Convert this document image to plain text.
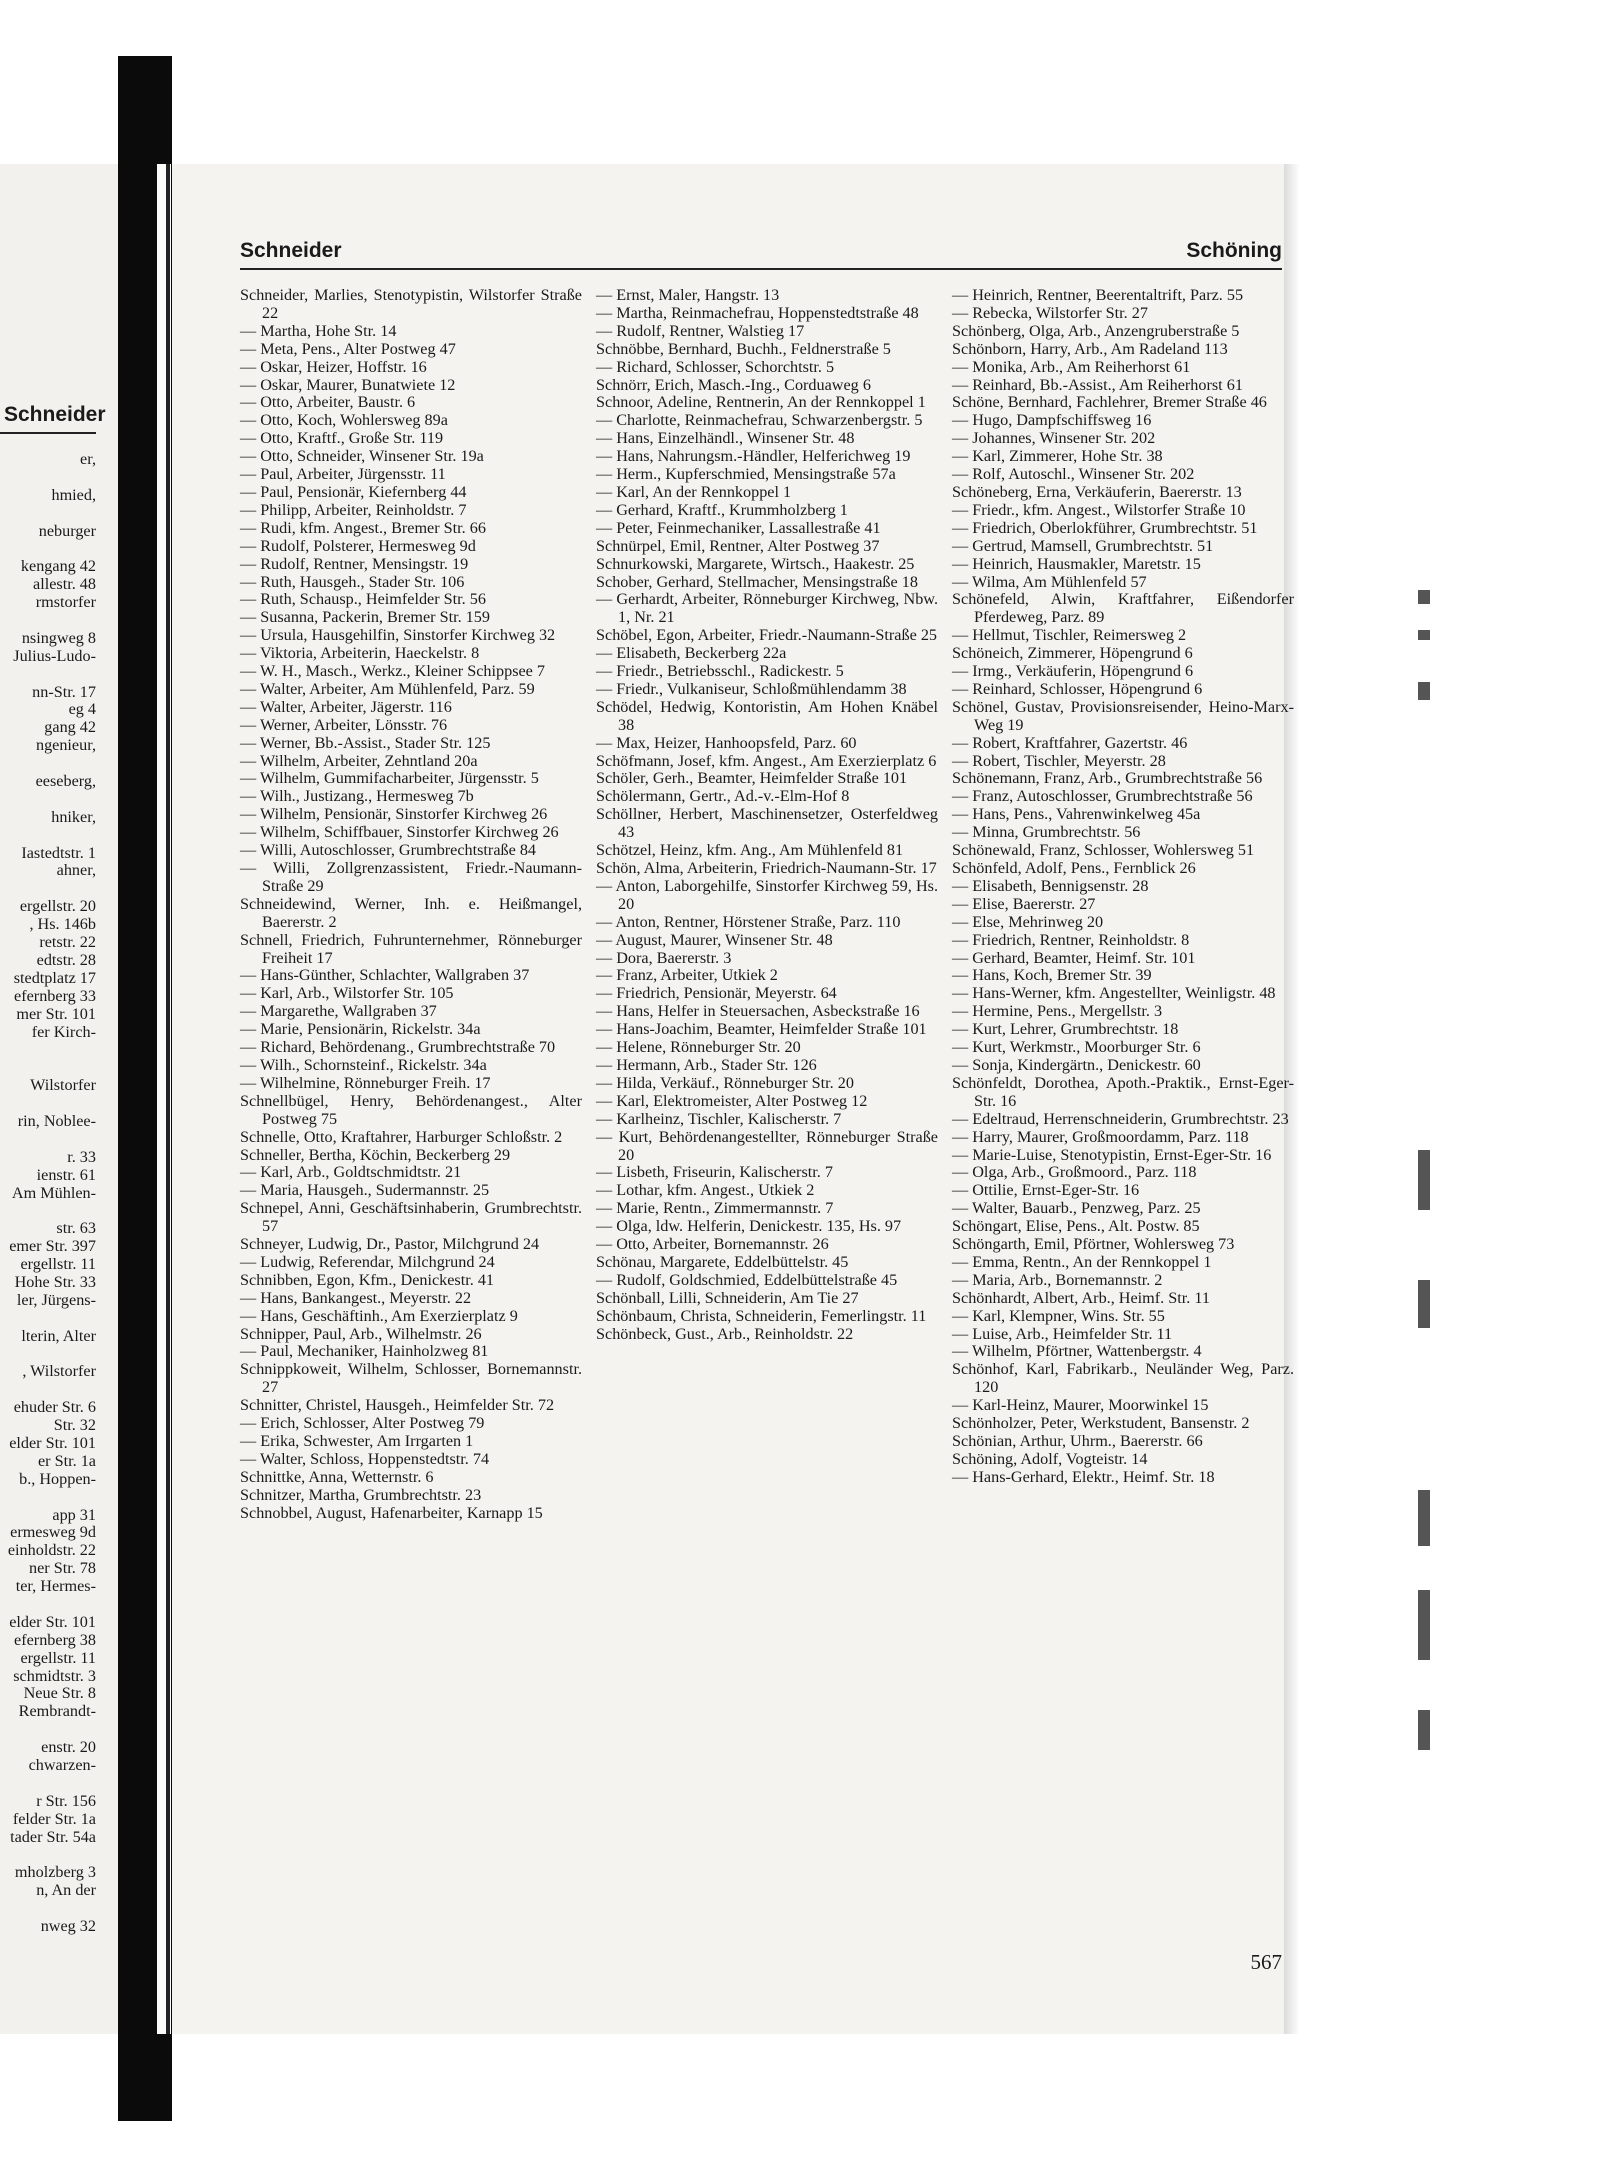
Schneider
er,
hmied,
neburger
kengang 42
allestr. 48
rmstorfer
nsingweg 8
Julius-Ludo-
nn-Str. 17
eg 4
gang 42
ngenieur,
eeseberg,
hniker,
Iastedtstr. 1
ahner,
ergellstr. 20
, Hs. 146b
retstr. 22
edtstr. 28
stedtplatz 17
efernberg 33
mer Str. 101
fer Kirch-
Wilstorfer
rin, Noblee-
r. 33
ienstr. 61
Am Mühlen-
str. 63
emer Str. 397
ergellstr. 11
Hohe Str. 33
ler, Jürgens-
lterin, Alter
, Wilstorfer
ehuder Str. 6
Str. 32
elder Str. 101
er Str. 1a
b., Hoppen-
app 31
ermesweg 9d
einholdstr. 22
ner Str. 78
ter, Hermes-
elder Str. 101
efernberg 38
ergellstr. 11
schmidtstr. 3
Neue Str. 8
Rembrandt-
enstr. 20
chwarzen-
r Str. 156
felder Str. 1a
tader Str. 54a
mholzberg 3
n, An der
nweg 32
Schneider	Schöning
Schneider, Marlies, Stenotypistin, Wilstorfer Straße 22
— Martha, Hohe Str. 14
— Meta, Pens., Alter Postweg 47
— Oskar, Heizer, Hoffstr. 16
— Oskar, Maurer, Bunatwiete 12
— Otto, Arbeiter, Baustr. 6
— Otto, Koch, Wohlersweg 89a
— Otto, Kraftf., Große Str. 119
— Otto, Schneider, Winsener Str. 19a
— Paul, Arbeiter, Jürgensstr. 11
— Paul, Pensionär, Kiefernberg 44
— Philipp, Arbeiter, Reinholdstr. 7
— Rudi, kfm. Angest., Bremer Str. 66
— Rudolf, Polsterer, Hermesweg 9d
— Rudolf, Rentner, Mensingstr. 19
— Ruth, Hausgeh., Stader Str. 106
— Ruth, Schausp., Heimfelder Str. 56
— Susanna, Packerin, Bremer Str. 159
— Ursula, Hausgehilfin, Sinstorfer Kirchweg 32
— Viktoria, Arbeiterin, Haeckelstr. 8
— W. H., Masch., Werkz., Kleiner Schippsee 7
— Walter, Arbeiter, Am Mühlenfeld, Parz. 59
— Walter, Arbeiter, Jägerstr. 116
— Werner, Arbeiter, Lönsstr. 76
— Werner, Bb.-Assist., Stader Str. 125
— Wilhelm, Arbeiter, Zehntland 20a
— Wilhelm, Gummifacharbeiter, Jürgensstr. 5
— Wilh., Justizang., Hermesweg 7b
— Wilhelm, Pensionär, Sinstorfer Kirchweg 26
— Wilhelm, Schiffbauer, Sinstorfer Kirchweg 26
— Willi, Autoschlosser, Grumbrechtstraße 84
— Willi, Zollgrenzassistent, Friedr.-Naumann-Straße 29
Schneidewind, Werner, Inh. e. Heißmangel, Baererstr. 2
Schnell, Friedrich, Fuhrunternehmer, Rönneburger Freiheit 17
— Hans-Günther, Schlachter, Wallgraben 37
— Karl, Arb., Wilstorfer Str. 105
— Margarethe, Wallgraben 37
— Marie, Pensionärin, Rickelstr. 34a
— Richard, Behördenang., Grumbrechtstraße 70
— Wilh., Schornsteinf., Rickelstr. 34a
— Wilhelmine, Rönneburger Freih. 17
Schnellbügel, Henry, Behördenangest., Alter Postweg 75
Schnelle, Otto, Kraftahrer, Harburger Schloßstr. 2
Schneller, Bertha, Köchin, Beckerberg 29
— Karl, Arb., Goldtschmidtstr. 21
— Maria, Hausgeh., Sudermannstr. 25
Schnepel, Anni, Geschäftsinhaberin, Grumbrechtstr. 57
Schneyer, Ludwig, Dr., Pastor, Milchgrund 24
— Ludwig, Referendar, Milchgrund 24
Schnibben, Egon, Kfm., Denickestr. 41
— Hans, Bankangest., Meyerstr. 22
— Hans, Geschäftinh., Am Exerzierplatz 9
Schnipper, Paul, Arb., Wilhelmstr. 26
— Paul, Mechaniker, Hainholzweg 81
Schnippkoweit, Wilhelm, Schlosser, Bornemannstr. 27
Schnitter, Christel, Hausgeh., Heimfelder Str. 72
— Erich, Schlosser, Alter Postweg 79
— Erika, Schwester, Am Irrgarten 1
— Walter, Schloss, Hoppenstedtstr. 74
Schnittke, Anna, Wetternstr. 6
Schnitzer, Martha, Grumbrechtstr. 23
Schnobbel, August, Hafenarbeiter, Karnapp 15
— Ernst, Maler, Hangstr. 13
— Martha, Reinmachefrau, Hoppenstedtstraße 48
— Rudolf, Rentner, Walstieg 17
Schnöbbe, Bernhard, Buchh., Feldnerstraße 5
— Richard, Schlosser, Schorchtstr. 5
Schnörr, Erich, Masch.-Ing., Corduaweg 6
Schnoor, Adeline, Rentnerin, An der Rennkoppel 1
— Charlotte, Reinmachefrau, Schwarzenbergstr. 5
— Hans, Einzelhändl., Winsener Str. 48
— Hans, Nahrungsm.-Händler, Helferichweg 19
— Herm., Kupferschmied, Mensingstraße 57a
— Karl, An der Rennkoppel 1
— Gerhard, Kraftf., Krummholzberg 1
— Peter, Feinmechaniker, Lassallestraße 41
Schnürpel, Emil, Rentner, Alter Postweg 37
Schnurkowski, Margarete, Wirtsch., Haakestr. 25
Schober, Gerhard, Stellmacher, Mensingstraße 18
— Gerhardt, Arbeiter, Rönneburger Kirchweg, Nbw. 1, Nr. 21
Schöbel, Egon, Arbeiter, Friedr.-Naumann-Straße 25
— Elisabeth, Beckerberg 22a
— Friedr., Betriebsschl., Radickestr. 5
— Friedr., Vulkaniseur, Schloßmühlendamm 38
Schödel, Hedwig, Kontoristin, Am Hohen Knäbel 38
— Max, Heizer, Hanhoopsfeld, Parz. 60
Schöfmann, Josef, kfm. Angest., Am Exerzierplatz 6
Schöler, Gerh., Beamter, Heimfelder Straße 101
Schölermann, Gertr., Ad.-v.-Elm-Hof 8
Schöllner, Herbert, Maschinensetzer, Osterfeldweg 43
Schötzel, Heinz, kfm. Ang., Am Mühlenfeld 81
Schön, Alma, Arbeiterin, Friedrich-Naumann-Str. 17
— Anton, Laborgehilfe, Sinstorfer Kirchweg 59, Hs. 20
— Anton, Rentner, Hörstener Straße, Parz. 110
— August, Maurer, Winsener Str. 48
— Dora, Baererstr. 3
— Franz, Arbeiter, Utkiek 2
— Friedrich, Pensionär, Meyerstr. 64
— Hans, Helfer in Steuersachen, Asbeckstraße 16
— Hans-Joachim, Beamter, Heimfelder Straße 101
— Helene, Rönneburger Str. 20
— Hermann, Arb., Stader Str. 126
— Hilda, Verkäuf., Rönneburger Str. 20
— Karl, Elektromeister, Alter Postweg 12
— Karlheinz, Tischler, Kalischerstr. 7
— Kurt, Behördenangestellter, Rönneburger Straße 20
— Lisbeth, Friseurin, Kalischerstr. 7
— Lothar, kfm. Angest., Utkiek 2
— Marie, Rentn., Zimmermannstr. 7
— Olga, ldw. Helferin, Denickestr. 135, Hs. 97
— Otto, Arbeiter, Bornemannstr. 26
Schönau, Margarete, Eddelbüttelstr. 45
— Rudolf, Goldschmied, Eddelbüttelstraße 45
Schönball, Lilli, Schneiderin, Am Tie 27
Schönbaum, Christa, Schneiderin, Femerlingstr. 11
Schönbeck, Gust., Arb., Reinholdstr. 22
— Heinrich, Rentner, Beerentaltrift, Parz. 55
— Rebecka, Wilstorfer Str. 27
Schönberg, Olga, Arb., Anzengruberstraße 5
Schönborn, Harry, Arb., Am Radeland 113
— Monika, Arb., Am Reiherhorst 61
— Reinhard, Bb.-Assist., Am Reiherhorst 61
Schöne, Bernhard, Fachlehrer, Bremer Straße 46
— Hugo, Dampfschiffsweg 16
— Johannes, Winsener Str. 202
— Karl, Zimmerer, Hohe Str. 38
— Rolf, Autoschl., Winsener Str. 202
Schöneberg, Erna, Verkäuferin, Baererstr. 13
— Friedr., kfm. Angest., Wilstorfer Straße 10
— Friedrich, Oberlokführer, Grumbrechtstr. 51
— Gertrud, Mamsell, Grumbrechtstr. 51
— Heinrich, Hausmakler, Maretstr. 15
— Wilma, Am Mühlenfeld 57
Schönefeld, Alwin, Kraftfahrer, Eißendorfer Pferdeweg, Parz. 89
— Hellmut, Tischler, Reimersweg 2
Schöneich, Zimmerer, Höpengrund 6
— Irmg., Verkäuferin, Höpengrund 6
— Reinhard, Schlosser, Höpengrund 6
Schönel, Gustav, Provisionsreisender, Heino-Marx-Weg 19
— Robert, Kraftfahrer, Gazertstr. 46
— Robert, Tischler, Meyerstr. 28
Schönemann, Franz, Arb., Grumbrechtstraße 56
— Franz, Autoschlosser, Grumbrechtstraße 56
— Hans, Pens., Vahrenwinkelweg 45a
— Minna, Grumbrechtstr. 56
Schönewald, Franz, Schlosser, Wohlersweg 51
Schönfeld, Adolf, Pens., Fernblick 26
— Elisabeth, Bennigsenstr. 28
— Elise, Baererstr. 27
— Else, Mehrinweg 20
— Friedrich, Rentner, Reinholdstr. 8
— Gerhard, Beamter, Heimf. Str. 101
— Hans, Koch, Bremer Str. 39
— Hans-Werner, kfm. Angestellter, Weinligstr. 48
— Hermine, Pens., Mergellstr. 3
— Kurt, Lehrer, Grumbrechtstr. 18
— Kurt, Werkmstr., Moorburger Str. 6
— Sonja, Kindergärtn., Denickestr. 60
Schönfeldt, Dorothea, Apoth.-Praktik., Ernst-Eger-Str. 16
— Edeltraud, Herrenschneiderin, Grumbrechtstr. 23
— Harry, Maurer, Großmoordamm, Parz. 118
— Marie-Luise, Stenotypistin, Ernst-Eger-Str. 16
— Olga, Arb., Großmoord., Parz. 118
— Ottilie, Ernst-Eger-Str. 16
— Walter, Bauarb., Penzweg, Parz. 25
Schöngart, Elise, Pens., Alt. Postw. 85
Schöngarth, Emil, Pförtner, Wohlersweg 73
— Emma, Rentn., An der Rennkoppel 1
— Maria, Arb., Bornemannstr. 2
Schönhardt, Albert, Arb., Heimf. Str. 11
— Karl, Klempner, Wins. Str. 55
— Luise, Arb., Heimfelder Str. 11
— Wilhelm, Pförtner, Wattenbergstr. 4
Schönhof, Karl, Fabrikarb., Neuländer Weg, Parz. 120
— Karl-Heinz, Maurer, Moorwinkel 15
Schönholzer, Peter, Werkstudent, Bansenstr. 2
Schönian, Arthur, Uhrm., Baererstr. 66
Schöning, Adolf, Vogteistr. 14
— Hans-Gerhard, Elektr., Heimf. Str. 18
567
